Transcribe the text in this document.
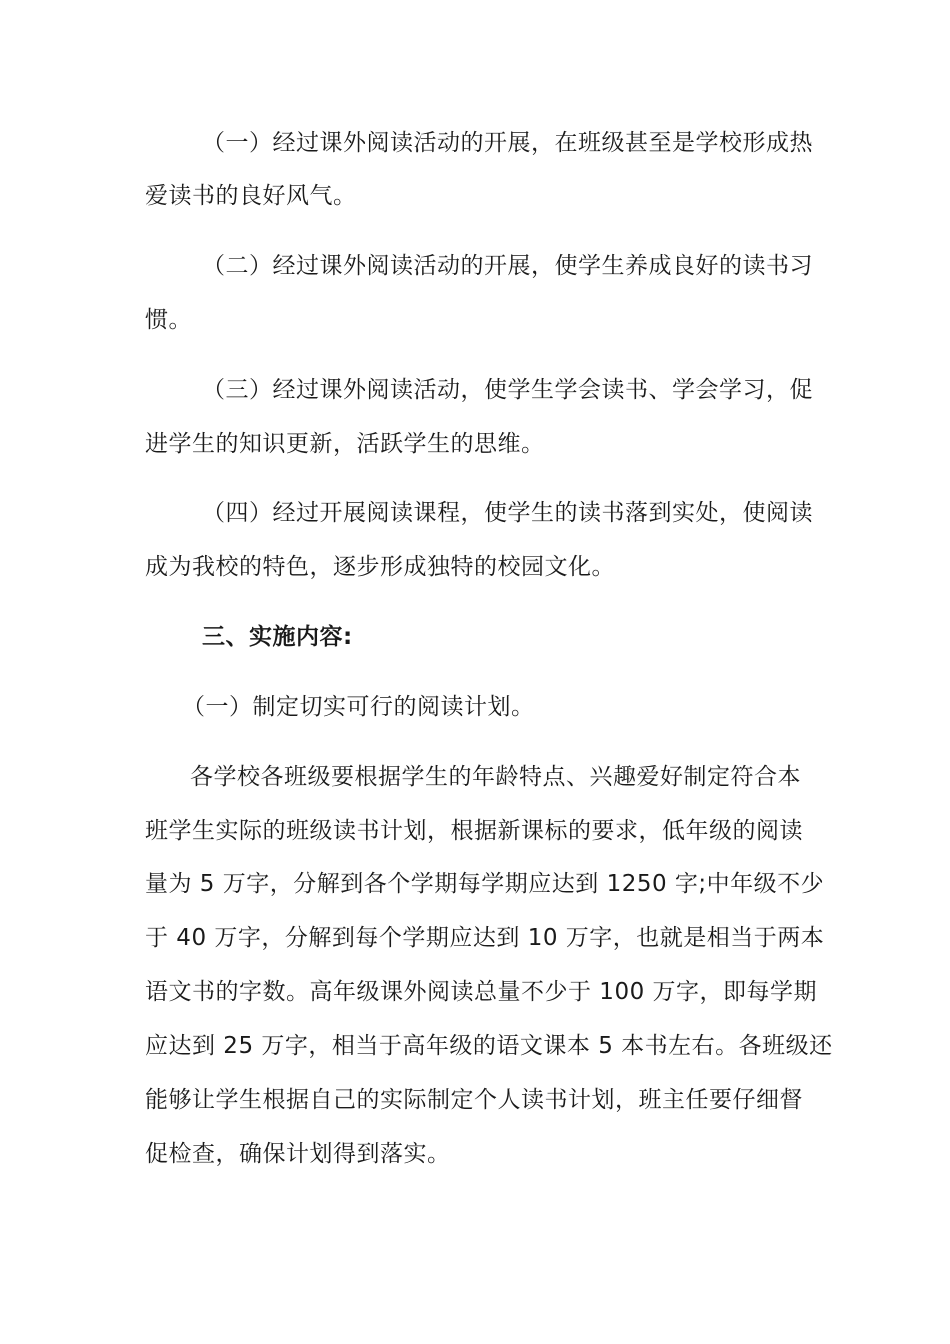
（一）经过课外阅读活动的开展，在班级甚至是学校形成热
爱读书的良好风气。
（二）经过课外阅读活动的开展，使学生养成良好的读书习
惯。
（三）经过课外阅读活动，使学生学会读书、学会学习，促
进学生的知识更新，活跃学生的思维。
（四）经过开展阅读课程，使学生的读书落到实处，使阅读
成为我校的特色，逐步形成独特的校园文化。
三、实施内容:
（一）制定切实可行的阅读计划。
各学校各班级要根据学生的年龄特点、兴趣爱好制定符合本
班学生实际的班级读书计划，根据新课标的要求，低年级的阅读
量为 5 万字，分解到各个学期每学期应达到 1250 字;中年级不少
于 40 万字，分解到每个学期应达到 10 万字，也就是相当于两本
语文书的字数。高年级课外阅读总量不少于 100 万字，即每学期
应达到 25 万字，相当于高年级的语文课本 5 本书左右。各班级还
能够让学生根据自己的实际制定个人读书计划，班主任要仔细督
促检查，确保计划得到落实。
